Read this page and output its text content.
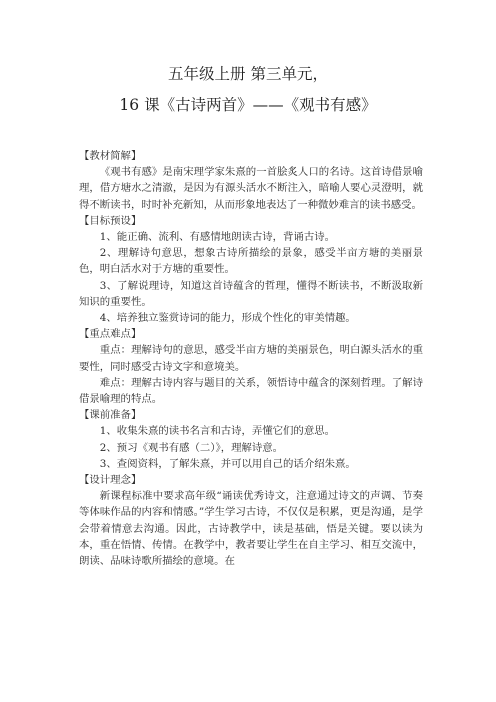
五年级上册 第三单元，
16 课《古诗两首》——《观书有感》

【教材简解】

《观书有感》是南宋理学家朱熹的一首脍炙人口的名诗。这首诗借景喻理，借方塘水之清澈，是因为有源头活水不断注入，暗喻人要心灵澄明，就得不断读书，时时补充新知，从而形象地表达了一种微妙难言的读书感受。

【目标预设】

1、能正确、流利、有感情地朗读古诗，背诵古诗。

2、理解诗句意思，想象古诗所描绘的景象，感受半亩方塘的美丽景色，明白活水对于方塘的重要性。

3、了解说理诗，知道这首诗蕴含的哲理，懂得不断读书，不断汲取新知识的重要性。

4、培养独立鉴赏诗词的能力，形成个性化的审美情趣。

【重点难点】

重点：理解诗句的意思，感受半亩方塘的美丽景色，明白源头活水的重要性，同时感受古诗文字和意境美。

难点：理解古诗内容与题目的关系，领悟诗中蕴含的深刻哲理。了解诗借景喻理的特点。

【课前准备】

1、收集朱熹的读书名言和古诗，弄懂它们的意思。

2、预习《观书有感（二）》，理解诗意。

3、查阅资料，了解朱熹，并可以用自己的话介绍朱熹。

【设计理念】

新课程标准中要求高年级“诵读优秀诗文，注意通过诗文的声调、节奏等体味作品的内容和情感。”学生学习古诗，不仅仅是积累，更是沟通，是学会带着情意去沟通。因此，古诗教学中，读是基础，悟是关键。要以读为本，重在悟情、传情。在教学中，教者要让学生在自主学习、相互交流中，朗读、品味诗歌所描绘的意境。在
